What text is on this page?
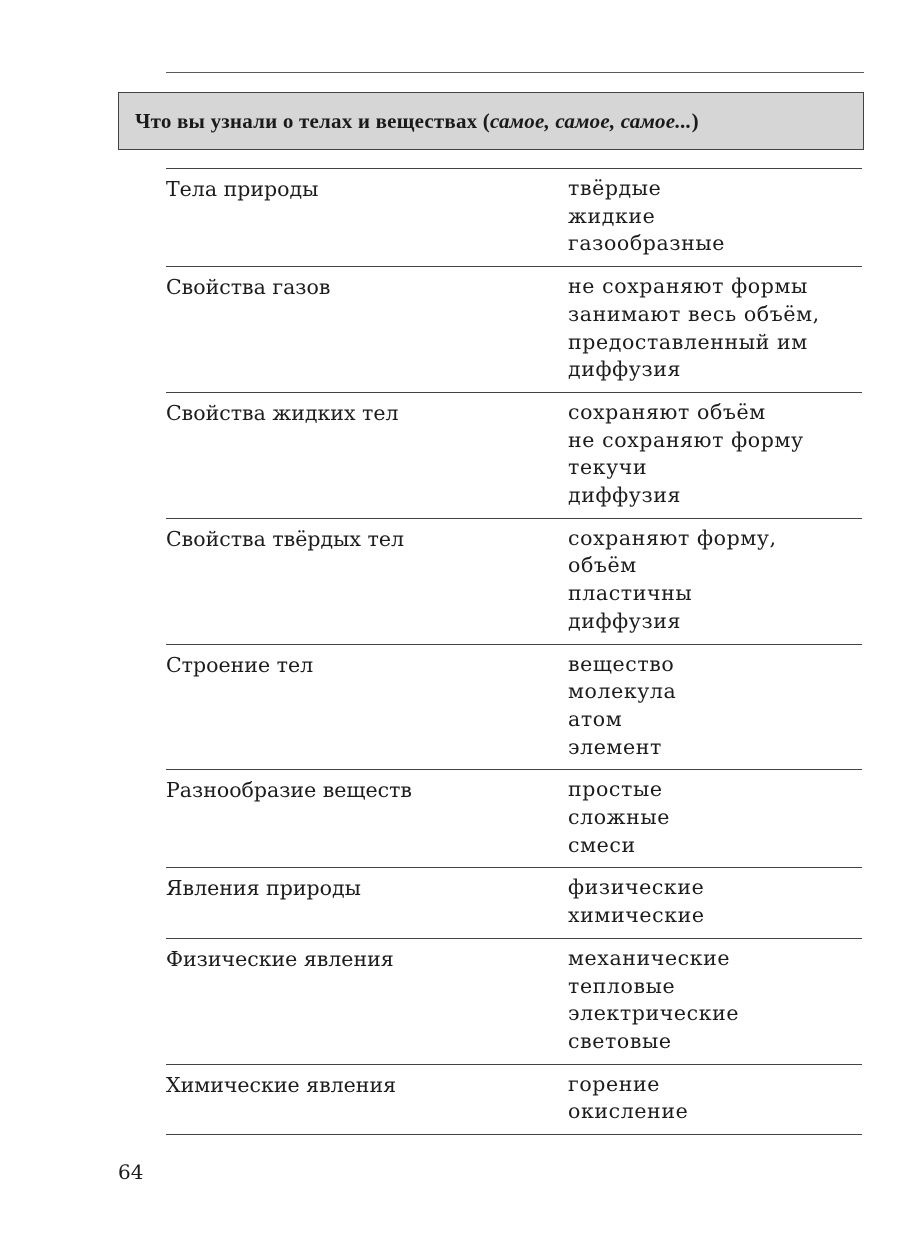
Что вы узнали о телах и веществах (самое, самое, самое...)
Тела природы	твёрдые
жидкие
газообразные
Свойства газов	не сохраняют формы
занимают весь объём,
предоставленный им
диффузия
Свойства жидких тел	сохраняют объём
не сохраняют форму
текучи
диффузия
Свойства твёрдых тел	сохраняют форму,
объём
пластичны
диффузия
Строение тел	вещество
молекула
атом
элемент
Разнообразие веществ	простые
сложные
смеси
Явления природы	физические
химические
Физические явления	механические
тепловые
электрические
световые
Химические явления	горение
окисление
64
